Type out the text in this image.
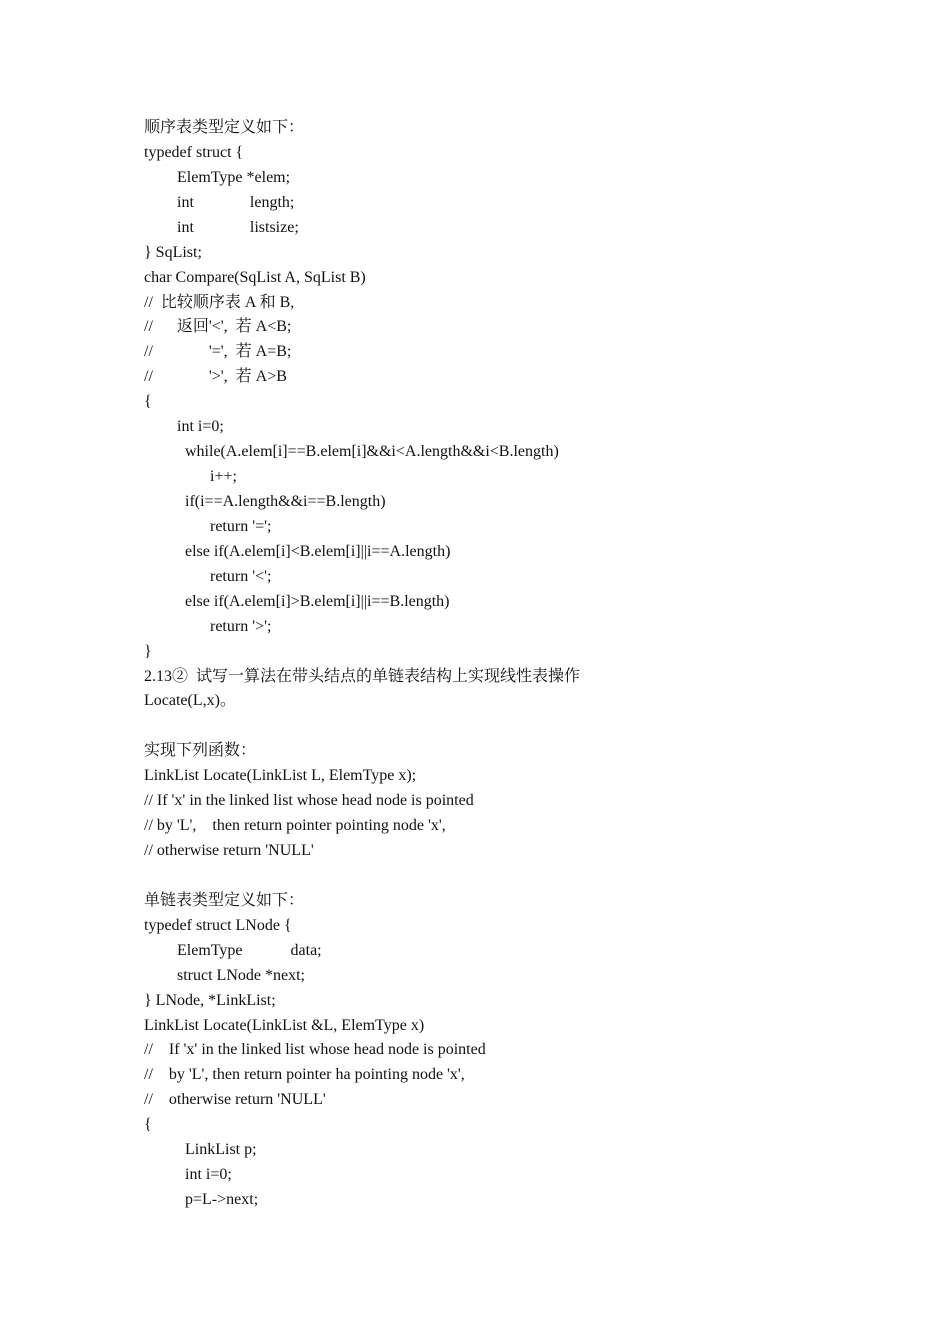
顺序表类型定义如下：
typedef struct {
ElemType *elem;
int              length;
int              listsize;
} SqList;
char Compare(SqList A, SqList B)
//  比较顺序表 A 和 B,
//      返回'<',  若 A<B;
//              '=',  若 A=B;
//              '>',  若 A>B
{
int i=0;
while(A.elem[i]==B.elem[i]&&i<A.length&&i<B.length)
i++;
if(i==A.length&&i==B.length)
return '=';
else if(A.elem[i]<B.elem[i]||i==A.length)
return '<';
else if(A.elem[i]>B.elem[i]||i==B.length)
return '>';
}
2.13②  试写一算法在带头结点的单链表结构上实现线性表操作
Locate(L,x)。
实现下列函数：
LinkList Locate(LinkList L, ElemType x);
// If 'x' in the linked list whose head node is pointed
// by 'L',    then return pointer pointing node 'x',
// otherwise return 'NULL'
单链表类型定义如下：
typedef struct LNode {
ElemType            data;
struct LNode *next;
} LNode, *LinkList;
LinkList Locate(LinkList &L, ElemType x)
//    If 'x' in the linked list whose head node is pointed
//    by 'L', then return pointer ha pointing node 'x',
//    otherwise return 'NULL'
{
LinkList p;
int i=0;
p=L->next;
